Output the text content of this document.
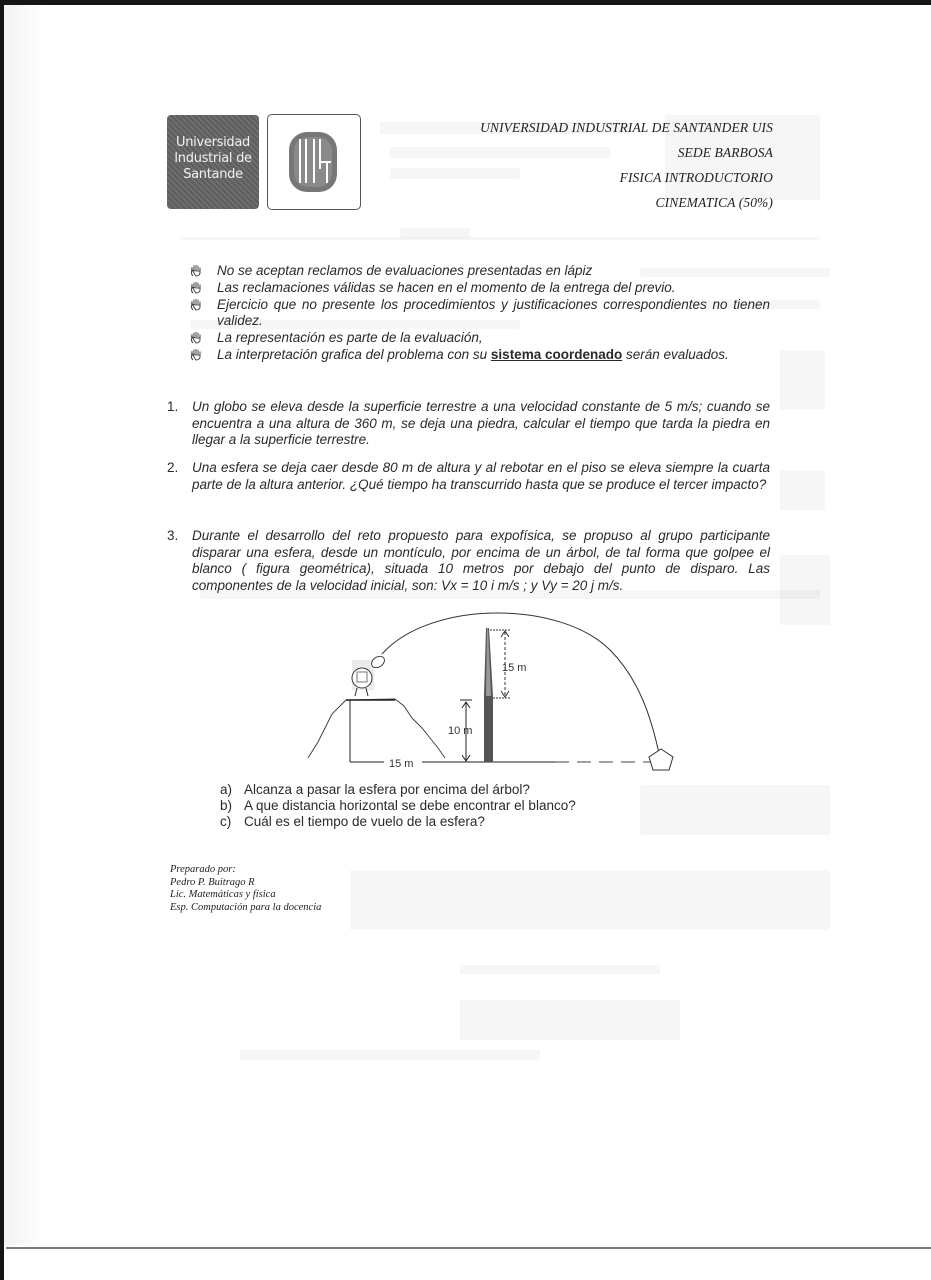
Universidad
Industrial de
Santande
UNIVERSIDAD INDUSTRIAL DE SANTANDER UIS
SEDE BARBOSA
FISICA INTRODUCTORIO
CINEMATICA (50%)
No se aceptan reclamos de evaluaciones presentadas en lápiz
Las reclamaciones válidas se hacen en el momento de la entrega del previo.
Ejercicio que no presente los procedimientos y justificaciones correspondientes no tienen validez.
La representación es parte de la evaluación,
La interpretación grafica del problema con su sistema coordenado serán evaluados.
1. Un globo se eleva desde la superficie terrestre a una velocidad constante de 5 m/s; cuando se encuentra a una altura de 360 m, se deja una piedra, calcular el tiempo que tarda la piedra en llegar a la superficie terrestre.
2. Una esfera se deja caer desde 80 m de altura y al rebotar en el piso se eleva siempre la cuarta parte de la altura anterior. ¿Qué tiempo ha transcurrido hasta que se produce el tercer impacto?
3. Durante el desarrollo del reto propuesto para expofísica, se propuso al grupo participante disparar una esfera, desde un montículo, por encima de un árbol, de tal forma que golpee el blanco ( figura geométrica), situada 10 metros por debajo del punto de disparo. Las componentes de la velocidad inicial, son: Vx = 10 i m/s ; y Vy = 20 j m/s.
15 m
10 m
15 m
a) Alcanza a pasar la esfera por encima del árbol?
b) A que distancia horizontal se debe encontrar el blanco?
c) Cuál es el tiempo de vuelo de la esfera?
Preparado por:
Pedro P. Buitrago R
Lic. Matemáticas y física
Esp. Computación para la docencia
